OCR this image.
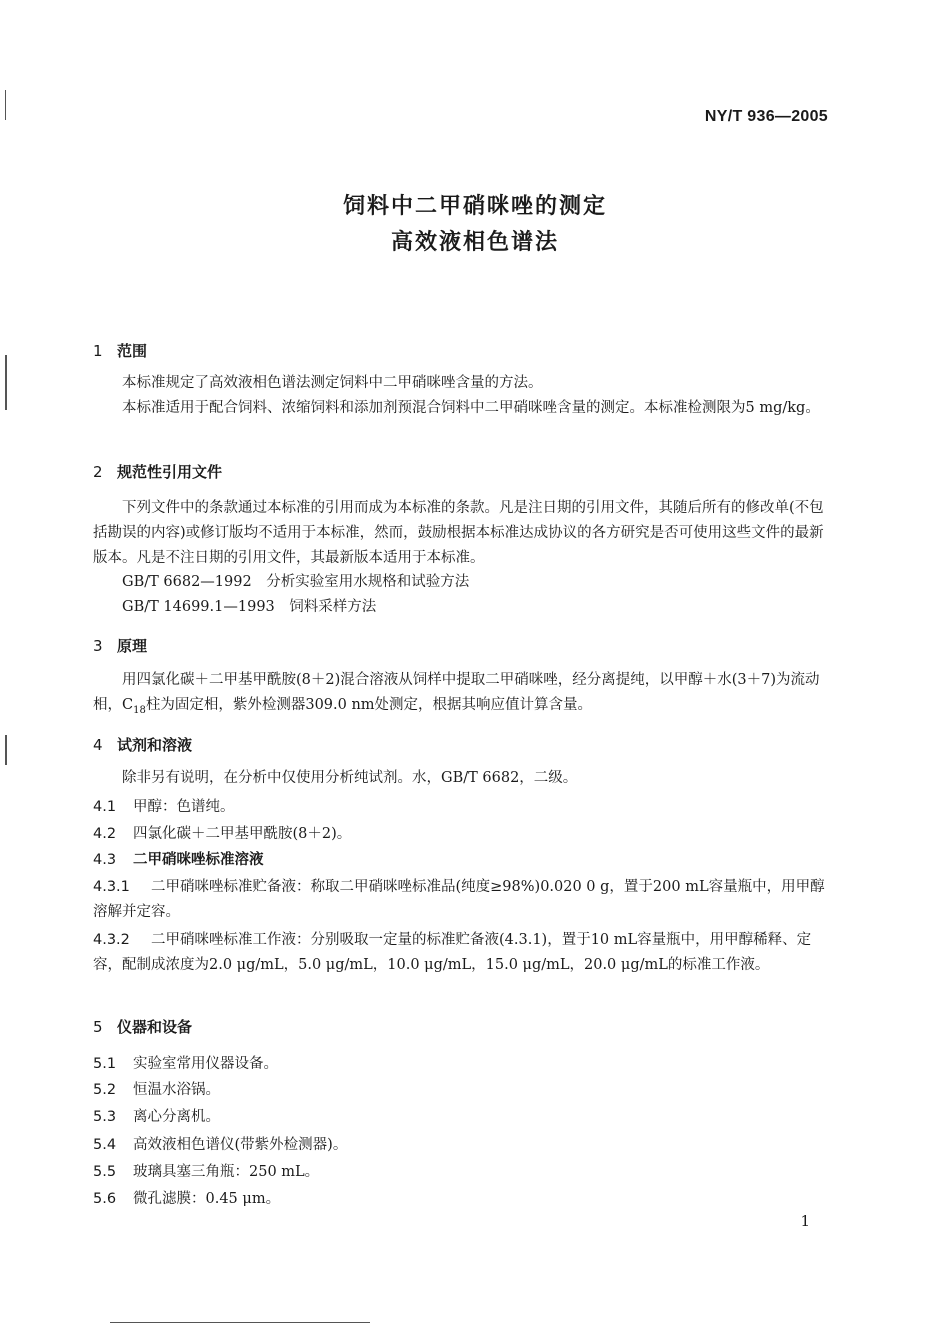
NY/T 936—2005
饲料中二甲硝咪唑的测定
高效液相色谱法
1 范围
本标准规定了高效液相色谱法测定饲料中二甲硝咪唑含量的方法。
本标准适用于配合饲料、浓缩饲料和添加剂预混合饲料中二甲硝咪唑含量的测定。本标准检测限为5 mg/kg。
2 规范性引用文件
下列文件中的条款通过本标准的引用而成为本标准的条款。凡是注日期的引用文件，其随后所有的修改单(不包括勘误的内容)或修订版均不适用于本标准，然而，鼓励根据本标准达成协议的各方研究是否可使用这些文件的最新版本。凡是不注日期的引用文件，其最新版本适用于本标准。
GB/T 6682—1992　分析实验室用水规格和试验方法
GB/T 14699.1—1993　饲料采样方法
3 原理
用四氯化碳＋二甲基甲酰胺(8＋2)混合溶液从饲样中提取二甲硝咪唑，经分离提纯，以甲醇＋水(3＋7)为流动相，$C_{18}$柱为固定相，紫外检测器309.0 nm处测定，根据其响应值计算含量。
4 试剂和溶液
除非另有说明，在分析中仅使用分析纯试剂。水，GB/T 6682，二级。
4.1 甲醇：色谱纯。
4.2 四氯化碳＋二甲基甲酰胺(8＋2)。
4.3 二甲硝咪唑标准溶液
4.3.1 二甲硝咪唑标准贮备液：称取二甲硝咪唑标准品(纯度≥98%)0.020 0 g，置于200 mL容量瓶中，用甲醇溶解并定容。
4.3.2 二甲硝咪唑标准工作液：分别吸取一定量的标准贮备液(4.3.1)，置于10 mL容量瓶中，用甲醇稀释、定容，配制成浓度为2.0 μg/mL，5.0 μg/mL，10.0 μg/mL，15.0 μg/mL，20.0 μg/mL的标准工作液。
5 仪器和设备
5.1 实验室常用仪器设备。
5.2 恒温水浴锅。
5.3 离心分离机。
5.4 高效液相色谱仪(带紫外检测器)。
5.5 玻璃具塞三角瓶：250 mL。
5.6 微孔滤膜：0.45 μm。
1
